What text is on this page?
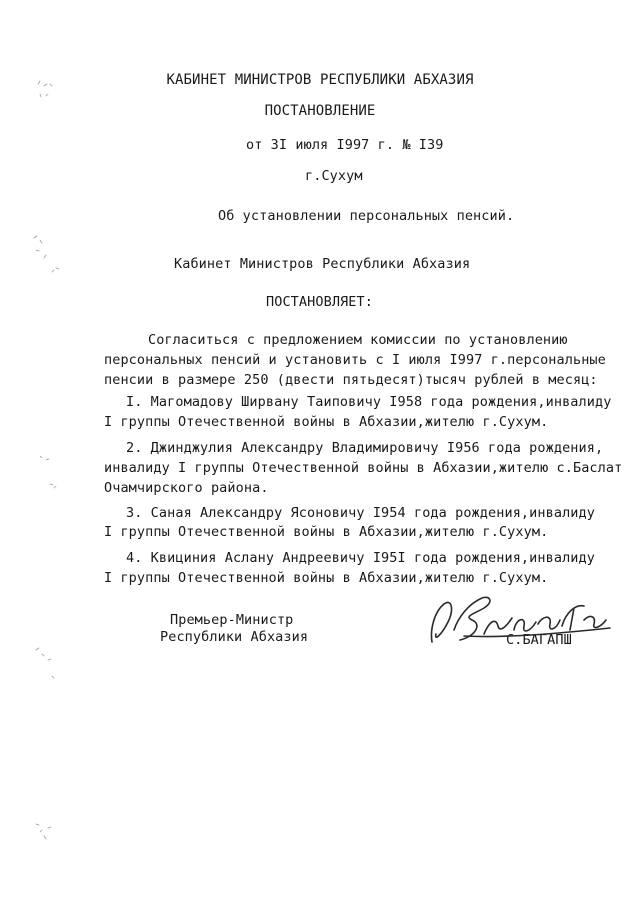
КАБИНЕТ МИНИСТРОВ РЕСПУБЛИКИ АБХАЗИЯ
ПОСТАНОВЛЕНИЕ
от 3I июля I997 г. № I39
г.Сухум
Об установлении персональных пенсий.
Кабинет Министров Республики Абхазия
ПОСТАНОВЛЯЕТ:
Согласиться с предложением комиссии по установлению
персональных пенсий и установить с I июля I997 г.персональные
пенсии в размере 250 (двести пятьдесят)тысяч рублей в месяц:
I. Магомадову Ширвану Таиповичу I958 года рождения,инвалиду
I группы Отечественной войны в Абхазии,жителю г.Сухум.
2. Джинджулия Александру Владимировичу I956 года рождения,
инвалиду I группы Отечественной войны в Абхазии,жителю с.Баслат
Очамчирского района.
3. Саная Александру Ясоновичу I954 года рождения,инвалиду
I группы Отечественной войны в Абхазии,жителю г.Сухум.
4. Квициния Аслану Андреевичу I95I года рождения,инвалиду
I группы Отечественной войны в Абхазии,жителю г.Сухум.
Премьер-Министр
Республики Абхазия	С.БАГАПШ
